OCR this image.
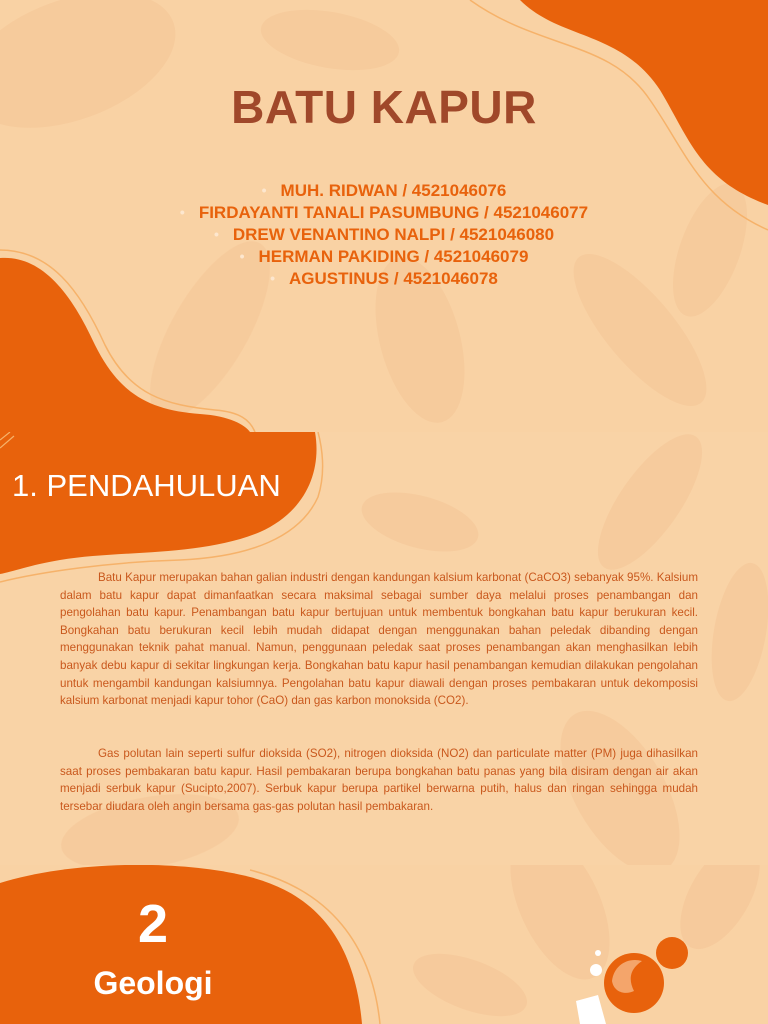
BATU KAPUR
• MUH. RIDWAN / 4521046076
• FIRDAYANTI TANALI PASUMBUNG / 4521046077
• DREW VENANTINO NALPI / 4521046080
• HERMAN PAKIDING / 4521046079
• AGUSTINUS / 4521046078
1. PENDAHULUAN

Batu Kapur merupakan bahan galian industri dengan kandungan kalsium karbonat (CaCO3) sebanyak 95%. Kalsium dalam batu kapur dapat dimanfaatkan secara maksimal sebagai sumber daya melalui proses penambangan dan pengolahan batu kapur. Penambangan batu kapur bertujuan untuk membentuk bongkahan batu kapur berukuran kecil. Bongkahan batu berukuran kecil lebih mudah didapat dengan menggunakan bahan peledak dibanding dengan menggunakan teknik pahat manual. Namun, penggunaan peledak saat proses penambangan akan menghasilkan lebih banyak debu kapur di sekitar lingkungan kerja. Bongkahan batu kapur hasil penambangan kemudian dilakukan pengolahan untuk mengambil kandungan kalsiumnya. Pengolahan batu kapur diawali dengan proses pembakaran untuk dekomposisi kalsium karbonat menjadi kapur tohor (CaO) dan gas karbon monoksida (CO2).

Gas polutan lain seperti sulfur dioksida (SO2), nitrogen dioksida (NO2) dan particulate matter (PM) juga dihasilkan saat proses pembakaran batu kapur. Hasil pembakaran berupa bongkahan batu panas yang bila disiram dengan air akan menjadi serbuk kapur (Sucipto,2007). Serbuk kapur berupa partikel berwarna putih, halus dan ringan sehingga mudah tersebar diudara oleh angin bersama gas-gas polutan hasil pembakaran.

2

Geologi
